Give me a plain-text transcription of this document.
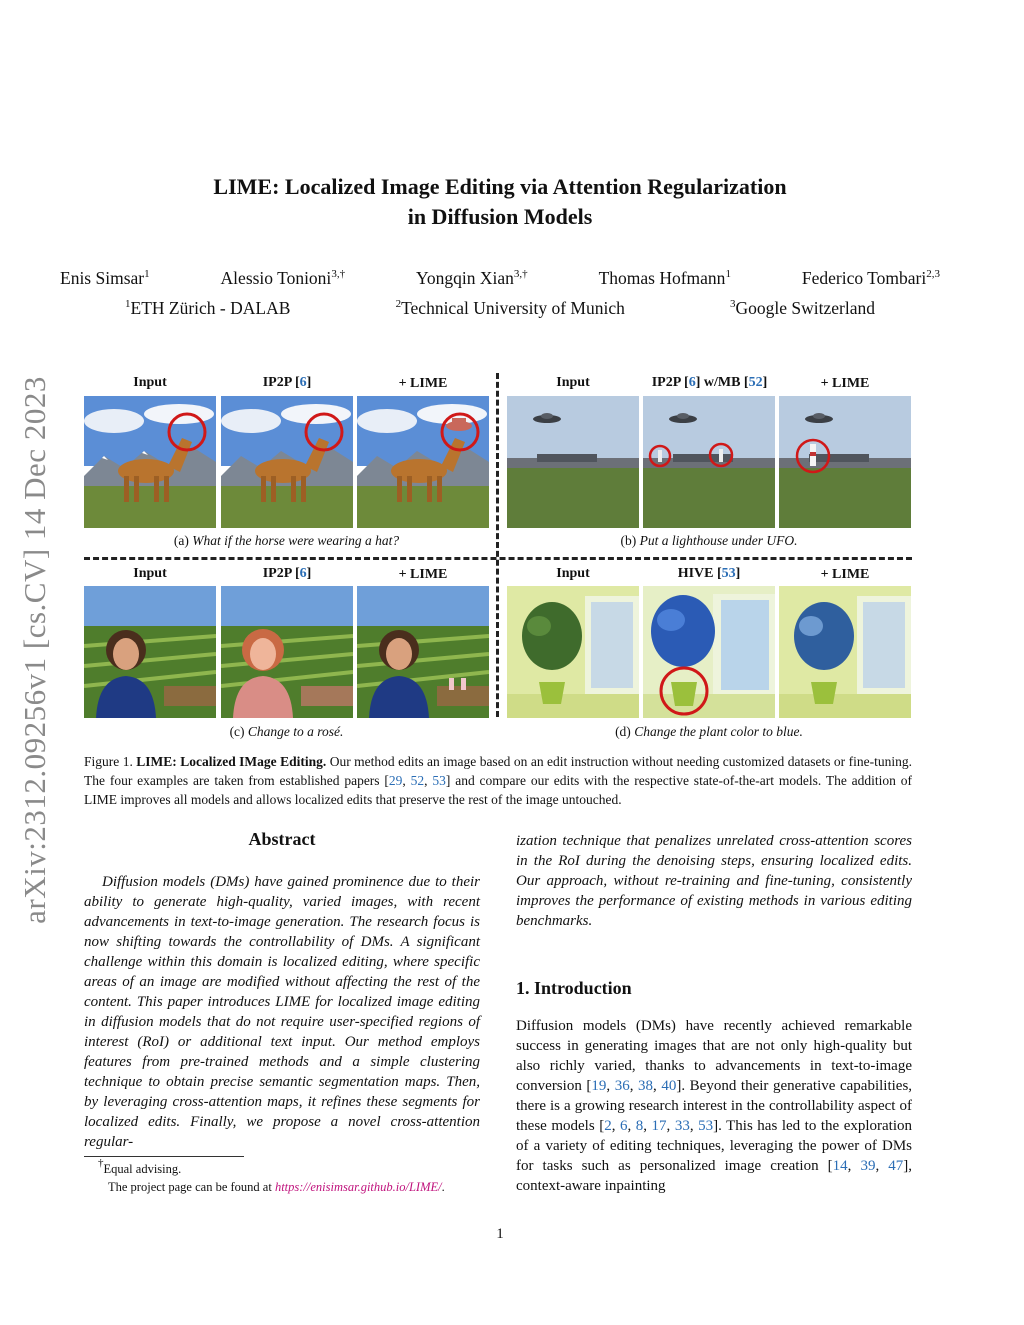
arXiv:2312.09256v1 [cs.CV] 14 Dec 2023
LIME: Localized Image Editing via Attention Regularization
in Diffusion Models
Enis Simsar$^1$	Alessio Tonioni$^{3,\dagger}$	Yongqin Xian$^{3,\dagger}$	Thomas Hofmann$^1$	Federico Tombari$^{2,3}$
$^1$ETH Zürich - DALAB	$^2$Technical University of Munich	$^3$Google Switzerland
Input	IP2P [6]	+ LIME
(a) What if the horse were wearing a hat?
Input	IP2P [6] w/MB [52]	+ LIME
(b) Put a lighthouse under UFO.
Input	IP2P [6]	+ LIME
(c) Change to a rosé.
Input	HIVE [53]	+ LIME
(d) Change the plant color to blue.
Figure 1. LIME: Localized IMage Editing. Our method edits an image based on an edit instruction without needing customized datasets or fine-tuning. The four examples are taken from established papers [29, 52, 53] and compare our edits with the respective state-of-the-art models. The addition of LIME improves all models and allows localized edits that preserve the rest of the image untouched.
Abstract
Diffusion models (DMs) have gained prominence due to their ability to generate high-quality, varied images, with recent advancements in text-to-image generation. The research focus is now shifting towards the controllability of DMs. A significant challenge within this domain is localized editing, where specific areas of an image are modified without affecting the rest of the content. This paper introduces LIME for localized image editing in diffusion models that do not require user-specified regions of interest (RoI) or additional text input. Our method employs features from pre-trained methods and a simple clustering technique to obtain precise semantic segmentation maps. Then, by leveraging cross-attention maps, it refines these segments for localized edits. Finally, we propose a novel cross-attention regular-
ization technique that penalizes unrelated cross-attention scores in the RoI during the denoising steps, ensuring localized edits. Our approach, without re-training and fine-tuning, consistently improves the performance of existing methods in various editing benchmarks.
1. Introduction
Diffusion models (DMs) have recently achieved remarkable success in generating images that are not only high-quality but also richly varied, thanks to advancements in text-to-image conversion [19, 36, 38, 40]. Beyond their generative capabilities, there is a growing research interest in the controllability aspect of these models [2, 6, 8, 17, 33, 53]. This has led to the exploration of a variety of editing techniques, leveraging the power of DMs for tasks such as personalized image creation [14, 39, 47], context-aware inpainting
†Equal advising.
The project page can be found at https://enisimsar.github.io/LIME/.
1
